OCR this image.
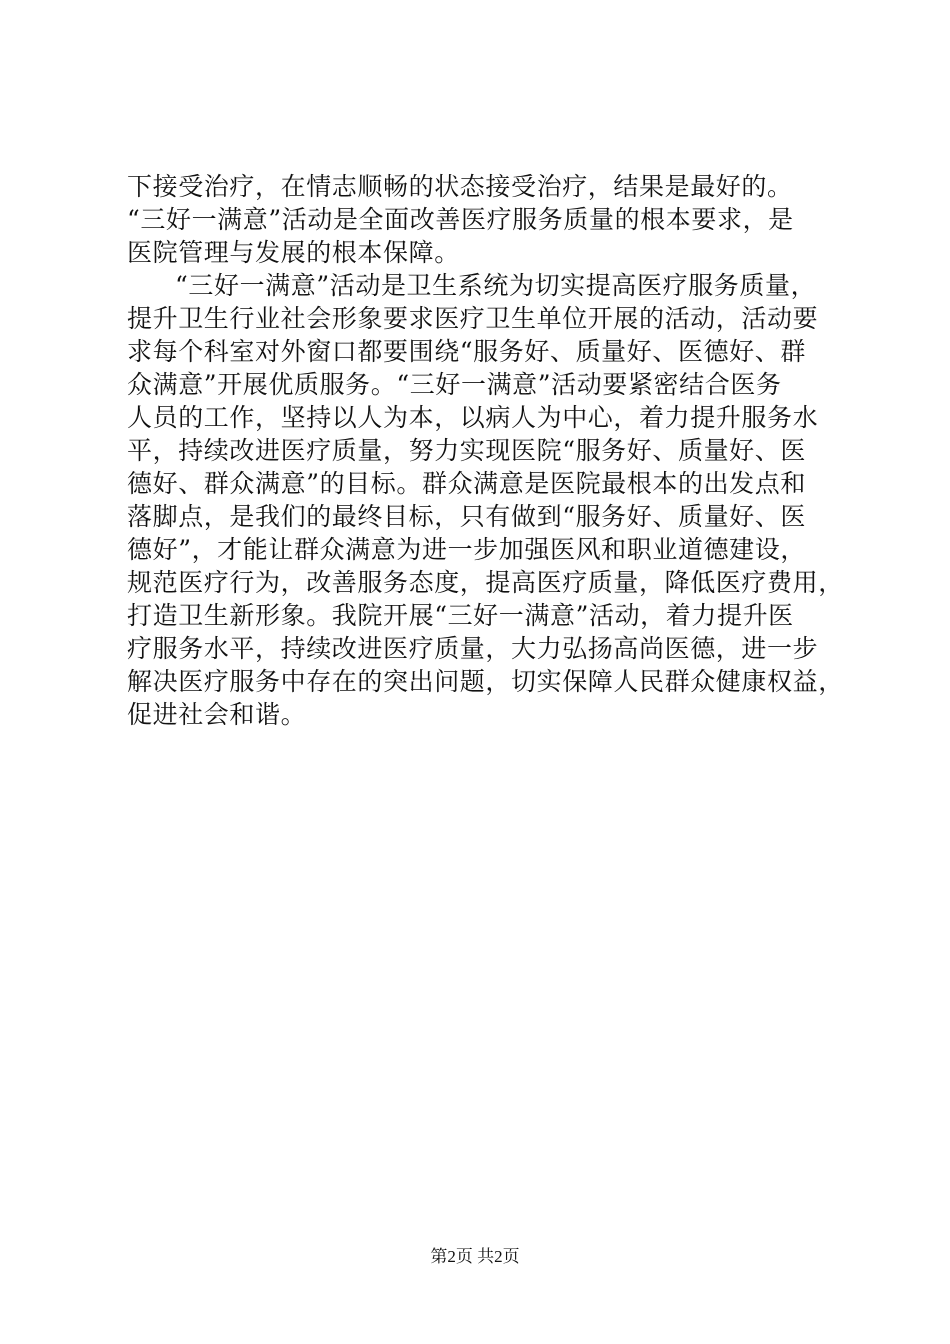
下接受治疗，在情志顺畅的状态接受治疗，结果是最好的。
“三好一满意”活动是全面改善医疗服务质量的根本要求，是
医院管理与发展的根本保障。
“三好一满意”活动是卫生系统为切实提高医疗服务质量，
提升卫生行业社会形象要求医疗卫生单位开展的活动，活动要
求每个科室对外窗口都要围绕“服务好、质量好、医德好、群
众满意”开展优质服务。“三好一满意”活动要紧密结合医务
人员的工作，坚持以人为本，以病人为中心，着力提升服务水
平，持续改进医疗质量，努力实现医院“服务好、质量好、医
德好、群众满意”的目标。群众满意是医院最根本的出发点和
落脚点，是我们的最终目标，只有做到“服务好、质量好、医
德好”，才能让群众满意为进一步加强医风和职业道德建设，
规范医疗行为，改善服务态度，提高医疗质量，降低医疗费用，
打造卫生新形象。我院开展“三好一满意”活动，着力提升医
疗服务水平，持续改进医疗质量，大力弘扬高尚医德，进一步
解决医疗服务中存在的突出问题，切实保障人民群众健康权益，
促进社会和谐。
第2页 共2页
